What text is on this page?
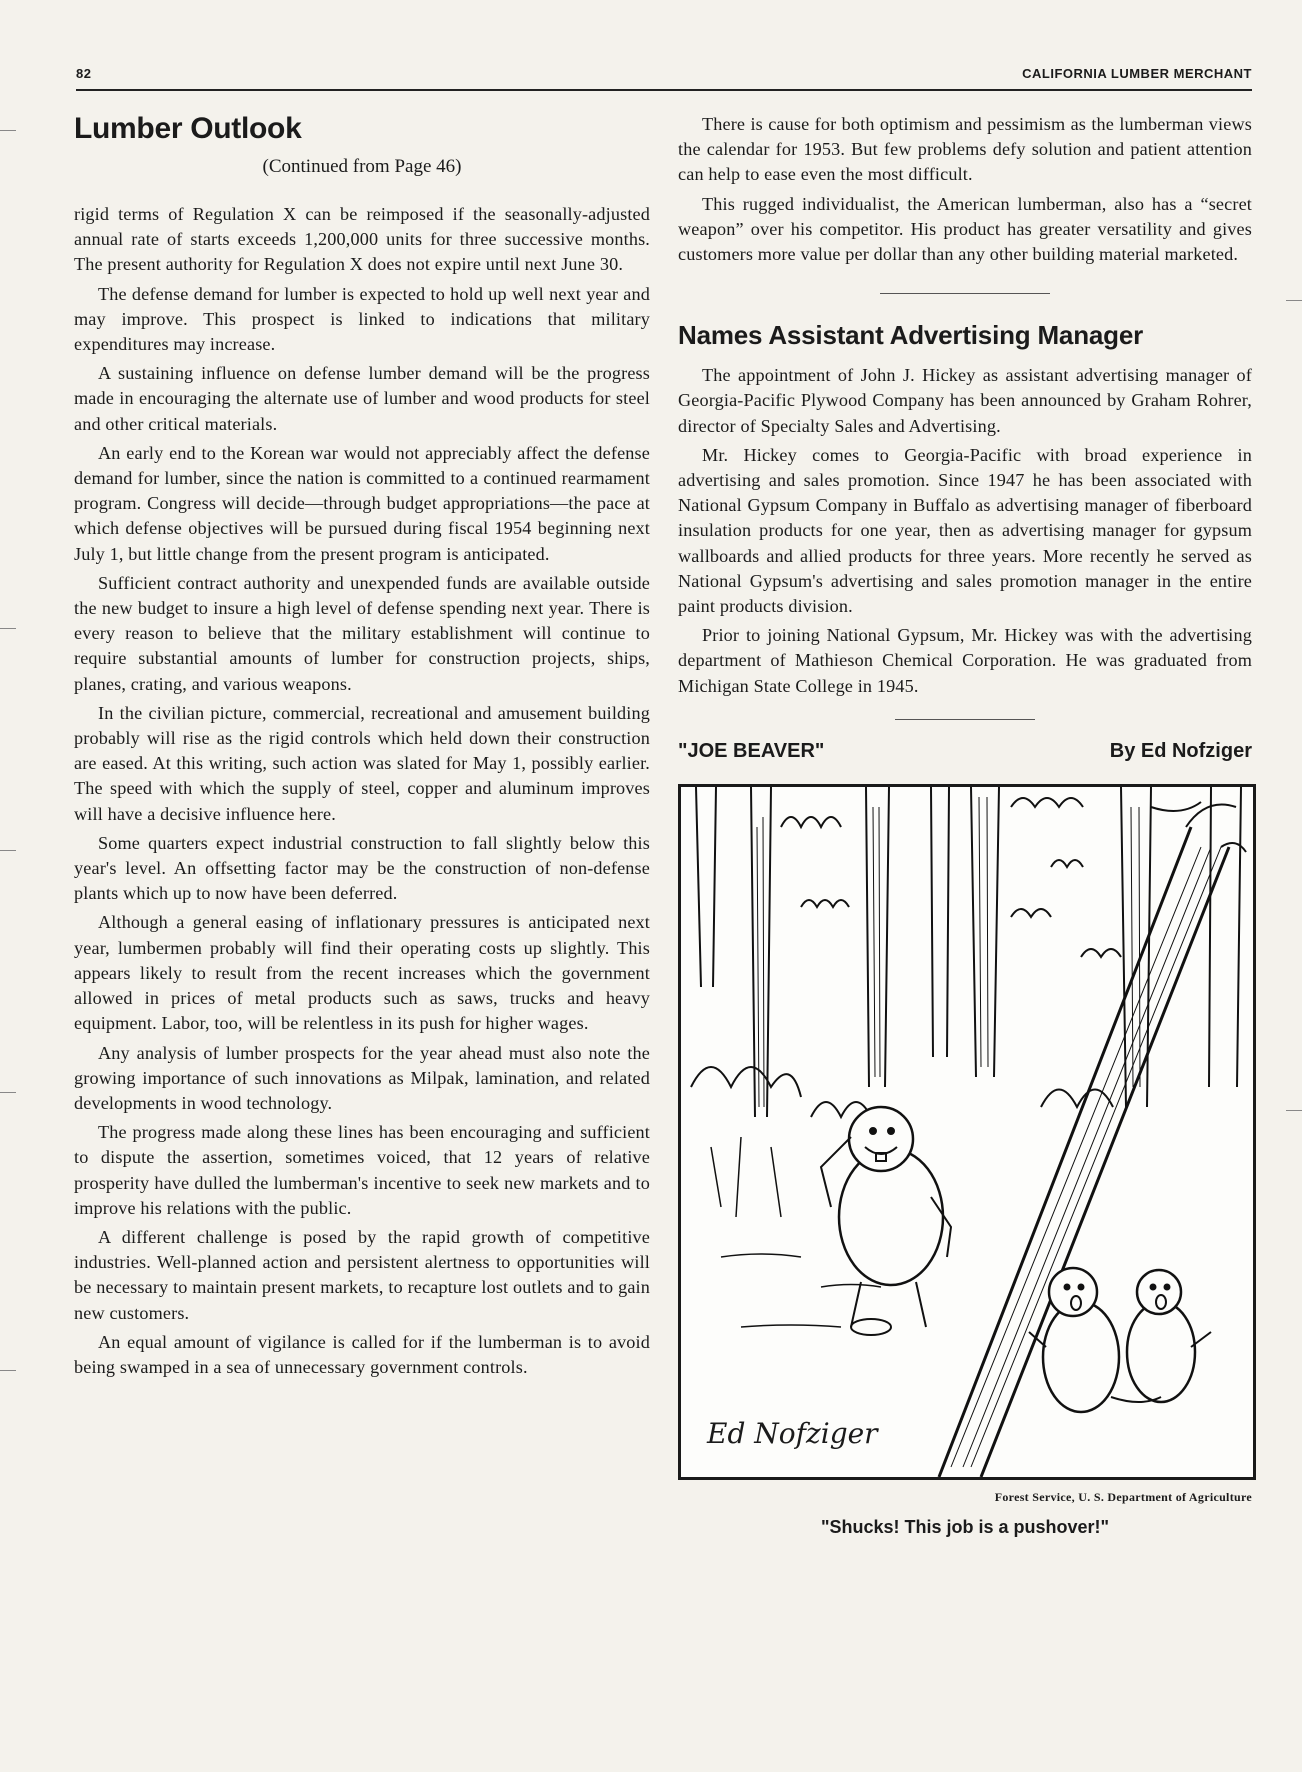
82	CALIFORNIA LUMBER MERCHANT
Lumber Outlook
(Continued from Page 46)

rigid terms of Regulation X can be reimposed if the seasonally-adjusted annual rate of starts exceeds 1,200,000 units for three successive months. The present authority for Regulation X does not expire until next June 30.

The defense demand for lumber is expected to hold up well next year and may improve. This prospect is linked to indications that military expenditures may increase.

A sustaining influence on defense lumber demand will be the progress made in encouraging the alternate use of lumber and wood products for steel and other critical materials.

An early end to the Korean war would not appreciably affect the defense demand for lumber, since the nation is committed to a continued rearmament program. Congress will decide—through budget appropriations—the pace at which defense objectives will be pursued during fiscal 1954 beginning next July 1, but little change from the present program is anticipated.

Sufficient contract authority and unexpended funds are available outside the new budget to insure a high level of defense spending next year. There is every reason to believe that the military establishment will continue to require substantial amounts of lumber for construction projects, ships, planes, crating, and various weapons.

In the civilian picture, commercial, recreational and amusement building probably will rise as the rigid controls which held down their construction are eased. At this writing, such action was slated for May 1, possibly earlier. The speed with which the supply of steel, copper and aluminum improves will have a decisive influence here.

Some quarters expect industrial construction to fall slightly below this year's level. An offsetting factor may be the construction of non-defense plants which up to now have been deferred.

Although a general easing of inflationary pressures is anticipated next year, lumbermen probably will find their operating costs up slightly. This appears likely to result from the recent increases which the government allowed in prices of metal products such as saws, trucks and heavy equipment. Labor, too, will be relentless in its push for higher wages.

Any analysis of lumber prospects for the year ahead must also note the growing importance of such innovations as Milpak, lamination, and related developments in wood technology.

The progress made along these lines has been encouraging and sufficient to dispute the assertion, sometimes voiced, that 12 years of relative prosperity have dulled the lumberman's incentive to seek new markets and to improve his relations with the public.

A different challenge is posed by the rapid growth of competitive industries. Well-planned action and persistent alertness to opportunities will be necessary to maintain present markets, to recapture lost outlets and to gain new customers.

An equal amount of vigilance is called for if the lumberman is to avoid being swamped in a sea of unnecessary government controls.

There is cause for both optimism and pessimism as the lumberman views the calendar for 1953. But few problems defy solution and patient attention can help to ease even the most difficult.

This rugged individualist, the American lumberman, also has a “secret weapon” over his competitor. His product has greater versatility and gives customers more value per dollar than any other building material marketed.

Names Assistant Advertising Manager

The appointment of John J. Hickey as assistant advertising manager of Georgia-Pacific Plywood Company has been announced by Graham Rohrer, director of Specialty Sales and Advertising.

Mr. Hickey comes to Georgia-Pacific with broad experience in advertising and sales promotion. Since 1947 he has been associated with National Gypsum Company in Buffalo as advertising manager of fiberboard insulation products for one year, then as advertising manager for gypsum wallboards and allied products for three years. More recently he served as National Gypsum's advertising and sales promotion manager in the entire paint products division.

Prior to joining National Gypsum, Mr. Hickey was with the advertising department of Mathieson Chemical Corporation. He was graduated from Michigan State College in 1945.

"JOE BEAVER"	By Ed Nofziger
Ed Nofziger
Forest Service, U. S. Department of Agriculture
"Shucks! This job is a pushover!"
